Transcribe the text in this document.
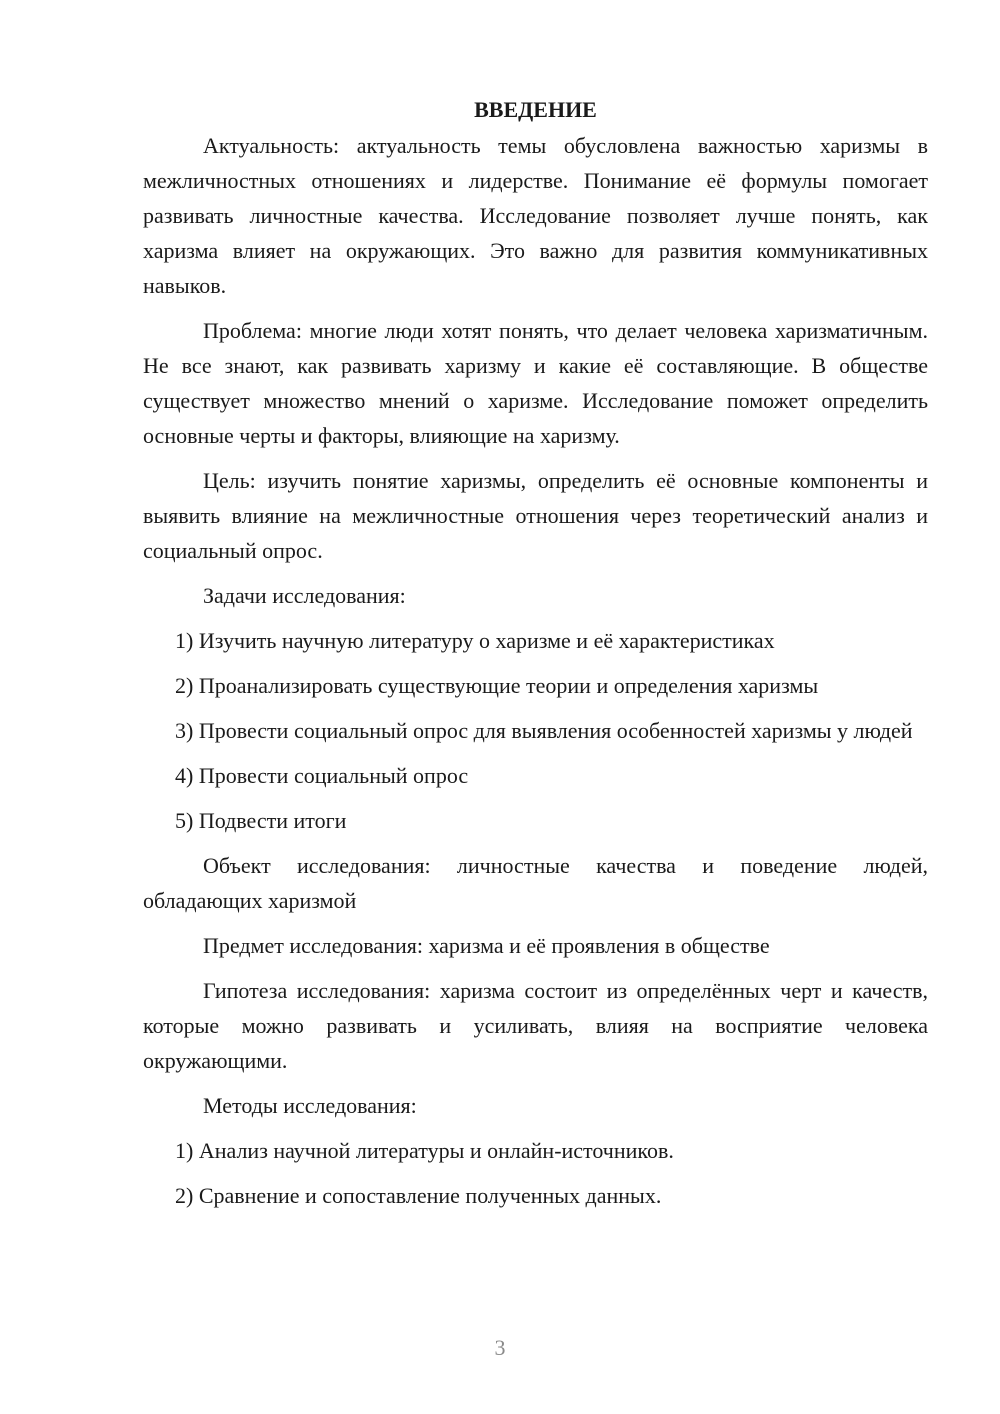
ВВЕДЕНИЕ

Актуальность: актуальность темы обусловлена важностью харизмы в межличностных отношениях и лидерстве. Понимание её формулы помогает развивать личностные качества. Исследование позволяет лучше понять, как харизма влияет на окружающих. Это важно для развития коммуникативных навыков.

Проблема: многие люди хотят понять, что делает человека харизматичным. Не все знают, как развивать харизму и какие её составляющие. В обществе существует множество мнений о харизме. Исследование поможет определить основные черты и факторы, влияющие на харизму.

Цель: изучить понятие харизмы, определить её основные компоненты и выявить влияние на межличностные отношения через теоретический анализ и социальный опрос.

Задачи исследования:

1) Изучить научную литературу о харизме и её характеристиках

2) Проанализировать существующие теории и определения харизмы

3) Провести социальный опрос для выявления особенностей харизмы у людей

4) Провести социальный опрос

5) Подвести итоги

Объект исследования: личностные качества и поведение людей, обладающих харизмой

Предмет исследования: харизма и её проявления в обществе

Гипотеза исследования: харизма состоит из определённых черт и качеств, которые можно развивать и усиливать, влияя на восприятие человека окружающими.

Методы исследования:

1) Анализ научной литературы и онлайн-источников.

2) Сравнение и сопоставление полученных данных.

3
